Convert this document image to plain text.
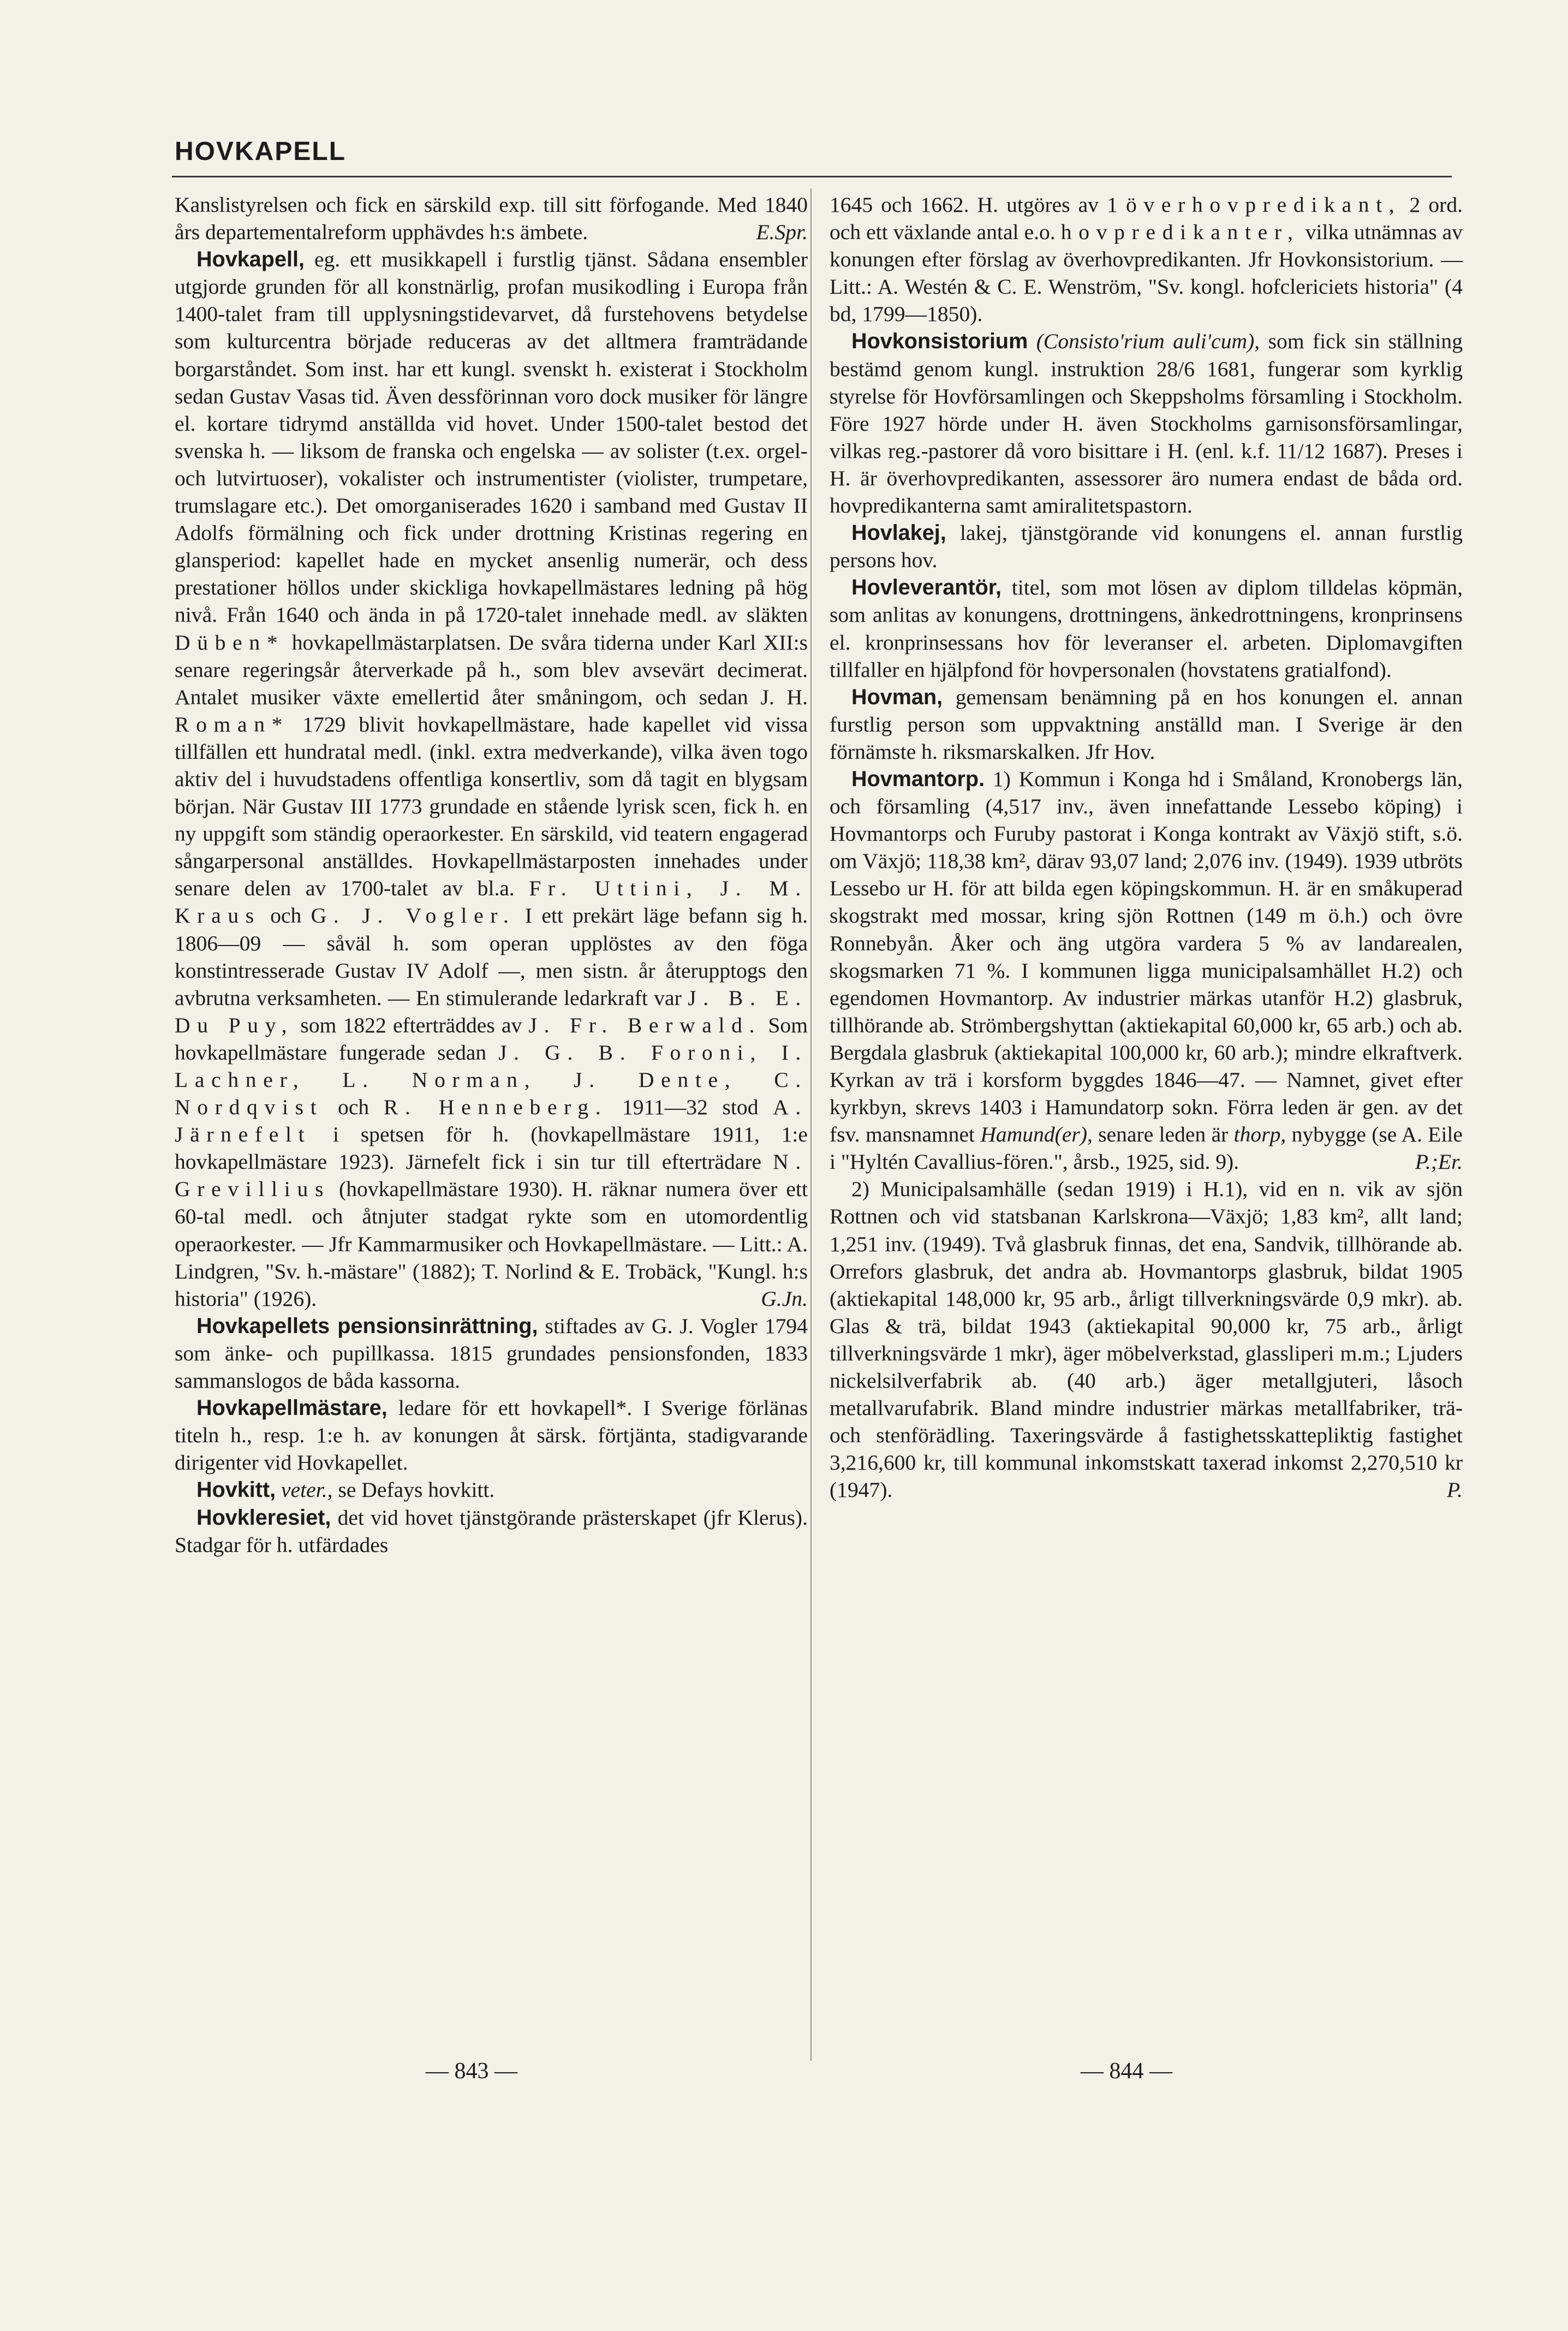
HOVKAPELL

Kanslistyrelsen och fick en särskild exp. till sitt förfogande. Med 1840 års departementalreform upphävdes h:s ämbete.	E.Spr.

Hovkapell, eg. ett musikkapell i furstlig tjänst. Sådana ensembler utgjorde grunden för all konstnärlig, profan musikodling i Europa från 1400-talet fram till upplysningstidevarvet, då furstehovens betydelse som kulturcentra började reduceras av det alltmera framträdande borgarståndet. Som inst. har ett kungl. svenskt h. existerat i Stockholm sedan Gustav Vasas tid. Även dessförinnan voro dock musiker för längre el. kortare tidrymd anställda vid hovet. Under 1500-talet bestod det svenska h. — liksom de franska och engelska — av solister (t.ex. orgel- och lutvirtuoser), vokalister och instrumentister (violister, trumpetare, trumslagare etc.). Det omorganiserades 1620 i samband med Gustav II Adolfs förmälning och fick under drottning Kristinas regering en glansperiod: kapellet hade en mycket ansenlig numerär, och dess prestationer höllos under skickliga hovkapellmästares ledning på hög nivå. Från 1640 och ända in på 1720-talet innehade medl. av släkten Düben* hovkapellmästarplatsen. De svåra tiderna under Karl XII:s senare regeringsår återverkade på h., som blev avsevärt decimerat. Antalet musiker växte emellertid åter småningom, och sedan J. H. Roman* 1729 blivit hovkapellmästare, hade kapellet vid vissa tillfällen ett hundratal medl. (inkl. extra medverkande), vilka även togo aktiv del i huvudstadens offentliga konsertliv, som då tagit en blygsam början. När Gustav III 1773 grundade en stående lyrisk scen, fick h. en ny uppgift som ständig operaorkester. En särskild, vid teatern engagerad sångarpersonal anställdes. Hovkapellmästarposten innehades under senare delen av 1700-talet av bl.a. Fr. Uttini, J. M. Kraus och G. J. Vogler. I ett prekärt läge befann sig h. 1806—09 — såväl h. som operan upplöstes av den föga konstintresserade Gustav IV Adolf —, men sistn. år återupptogs den avbrutna verksamheten. — En stimulerande ledarkraft var J. B. E. Du Puy, som 1822 efterträddes av J. Fr. Berwald. Som hovkapellmästare fungerade sedan J. G. B. Foroni, I. Lachner, L. Norman, J. Dente, C. Nordqvist och R. Henneberg. 1911—32 stod A. Järnefelt i spetsen för h. (hovkapellmästare 1911, 1:e hovkapellmästare 1923). Järnefelt fick i sin tur till efterträdare N. Grevillius (hovkapellmästare 1930). H. räknar numera över ett 60-tal medl. och åtnjuter stadgat rykte som en utomordentlig operaorkester. — Jfr Kammarmusiker och Hovkapellmästare. — Litt.: A. Lindgren, "Sv. h.-mästare" (1882); T. Norlind & E. Trobäck, "Kungl. h:s historia" (1926).	G.Jn.

Hovkapellets pensionsinrättning, stiftades av G. J. Vogler 1794 som änke- och pupillkassa. 1815 grundades pensionsfonden, 1833 sammanslogos de båda kassorna.

Hovkapellmästare, ledare för ett hovkapell*. I Sverige förlänas titeln h., resp. 1:e h. av konungen åt särsk. förtjänta, stadigvarande dirigenter vid Hovkapellet.

Hovkitt, veter., se Defays hovkitt.

Hovkleresiet, det vid hovet tjänstgörande prästerskapet (jfr Klerus). Stadgar för h. utfärdades

1645 och 1662. H. utgöres av 1 överhovpredikant, 2 ord. och ett växlande antal e.o. hovpredikanter, vilka utnämnas av konungen efter förslag av överhovpredikanten. Jfr Hovkonsistorium. — Litt.: A. Westén & C. E. Wenström, "Sv. kongl. hofclericiets historia" (4 bd, 1799—1850).

Hovkonsistorium (Consisto'rium auli'cum), som fick sin ställning bestämd genom kungl. instruktion 28/6 1681, fungerar som kyrklig styrelse för Hovförsamlingen och Skeppsholms församling i Stockholm. Före 1927 hörde under H. även Stockholms garnisonsförsamlingar, vilkas reg.-pastorer då voro bisittare i H. (enl. k.f. 11/12 1687). Preses i H. är överhovpredikanten, assessorer äro numera endast de båda ord. hovpredikanterna samt amiralitetspastorn.

Hovlakej, lakej, tjänstgörande vid konungens el. annan furstlig persons hov.

Hovleverantör, titel, som mot lösen av diplom tilldelas köpmän, som anlitas av konungens, drottningens, änkedrottningens, kronprinsens el. kronprinsessans hov för leveranser el. arbeten. Diplomavgiften tillfaller en hjälpfond för hovpersonalen (hovstatens gratialfond).

Hovman, gemensam benämning på en hos konungen el. annan furstlig person som uppvaktning anställd man. I Sverige är den förnämste h. riksmarskalken. Jfr Hov.

Hovmantorp. 1) Kommun i Konga hd i Småland, Kronobergs län, och församling (4,517 inv., även innefattande Lessebo köping) i Hovmantorps och Furuby pastorat i Konga kontrakt av Växjö stift, s.ö. om Växjö; 118,38 km², därav 93,07 land; 2,076 inv. (1949). 1939 utbröts Lessebo ur H. för att bilda egen köpingskommun. H. är en småkuperad skogstrakt med mossar, kring sjön Rottnen (149 m ö.h.) och övre Ronnebyån. Åker och äng utgöra vardera 5 % av landarealen, skogsmarken 71 %. I kommunen ligga municipalsamhället H.2) och egendomen Hovmantorp. Av industrier märkas utanför H.2) glasbruk, tillhörande ab. Strömbergshyttan (aktiekapital 60,000 kr, 65 arb.) och ab. Bergdala glasbruk (aktiekapital 100,000 kr, 60 arb.); mindre elkraftverk. Kyrkan av trä i korsform byggdes 1846—47. — Namnet, givet efter kyrkbyn, skrevs 1403 i Hamundatorp sokn. Förra leden är gen. av det fsv. mansnamnet Hamund(er), senare leden är thorp, nybygge (se A. Eile i "Hyltén Cavallius-fören.", årsb., 1925, sid. 9).	P.;Er.

2) Municipalsamhälle (sedan 1919) i H.1), vid en n. vik av sjön Rottnen och vid statsbanan Karlskrona—Växjö; 1,83 km², allt land; 1,251 inv. (1949). Två glasbruk finnas, det ena, Sandvik, tillhörande ab. Orrefors glasbruk, det andra ab. Hovmantorps glasbruk, bildat 1905 (aktiekapital 148,000 kr, 95 arb., årligt tillverkningsvärde 0,9 mkr). ab. Glas & trä, bildat 1943 (aktiekapital 90,000 kr, 75 arb., årligt tillverkningsvärde 1 mkr), äger möbelverkstad, glassliperi m.m.; Ljuders nickelsilverfabrik ab. (40 arb.) äger metallgjuteri, låsoch metallvarufabrik. Bland mindre industrier märkas metallfabriker, trä- och stenförädling. Taxeringsvärde å fastighetsskattepliktig fastighet 3,216,600 kr, till kommunal inkomstskatt taxerad inkomst 2,270,510 kr (1947).	P.

— 843 —	— 844 —
